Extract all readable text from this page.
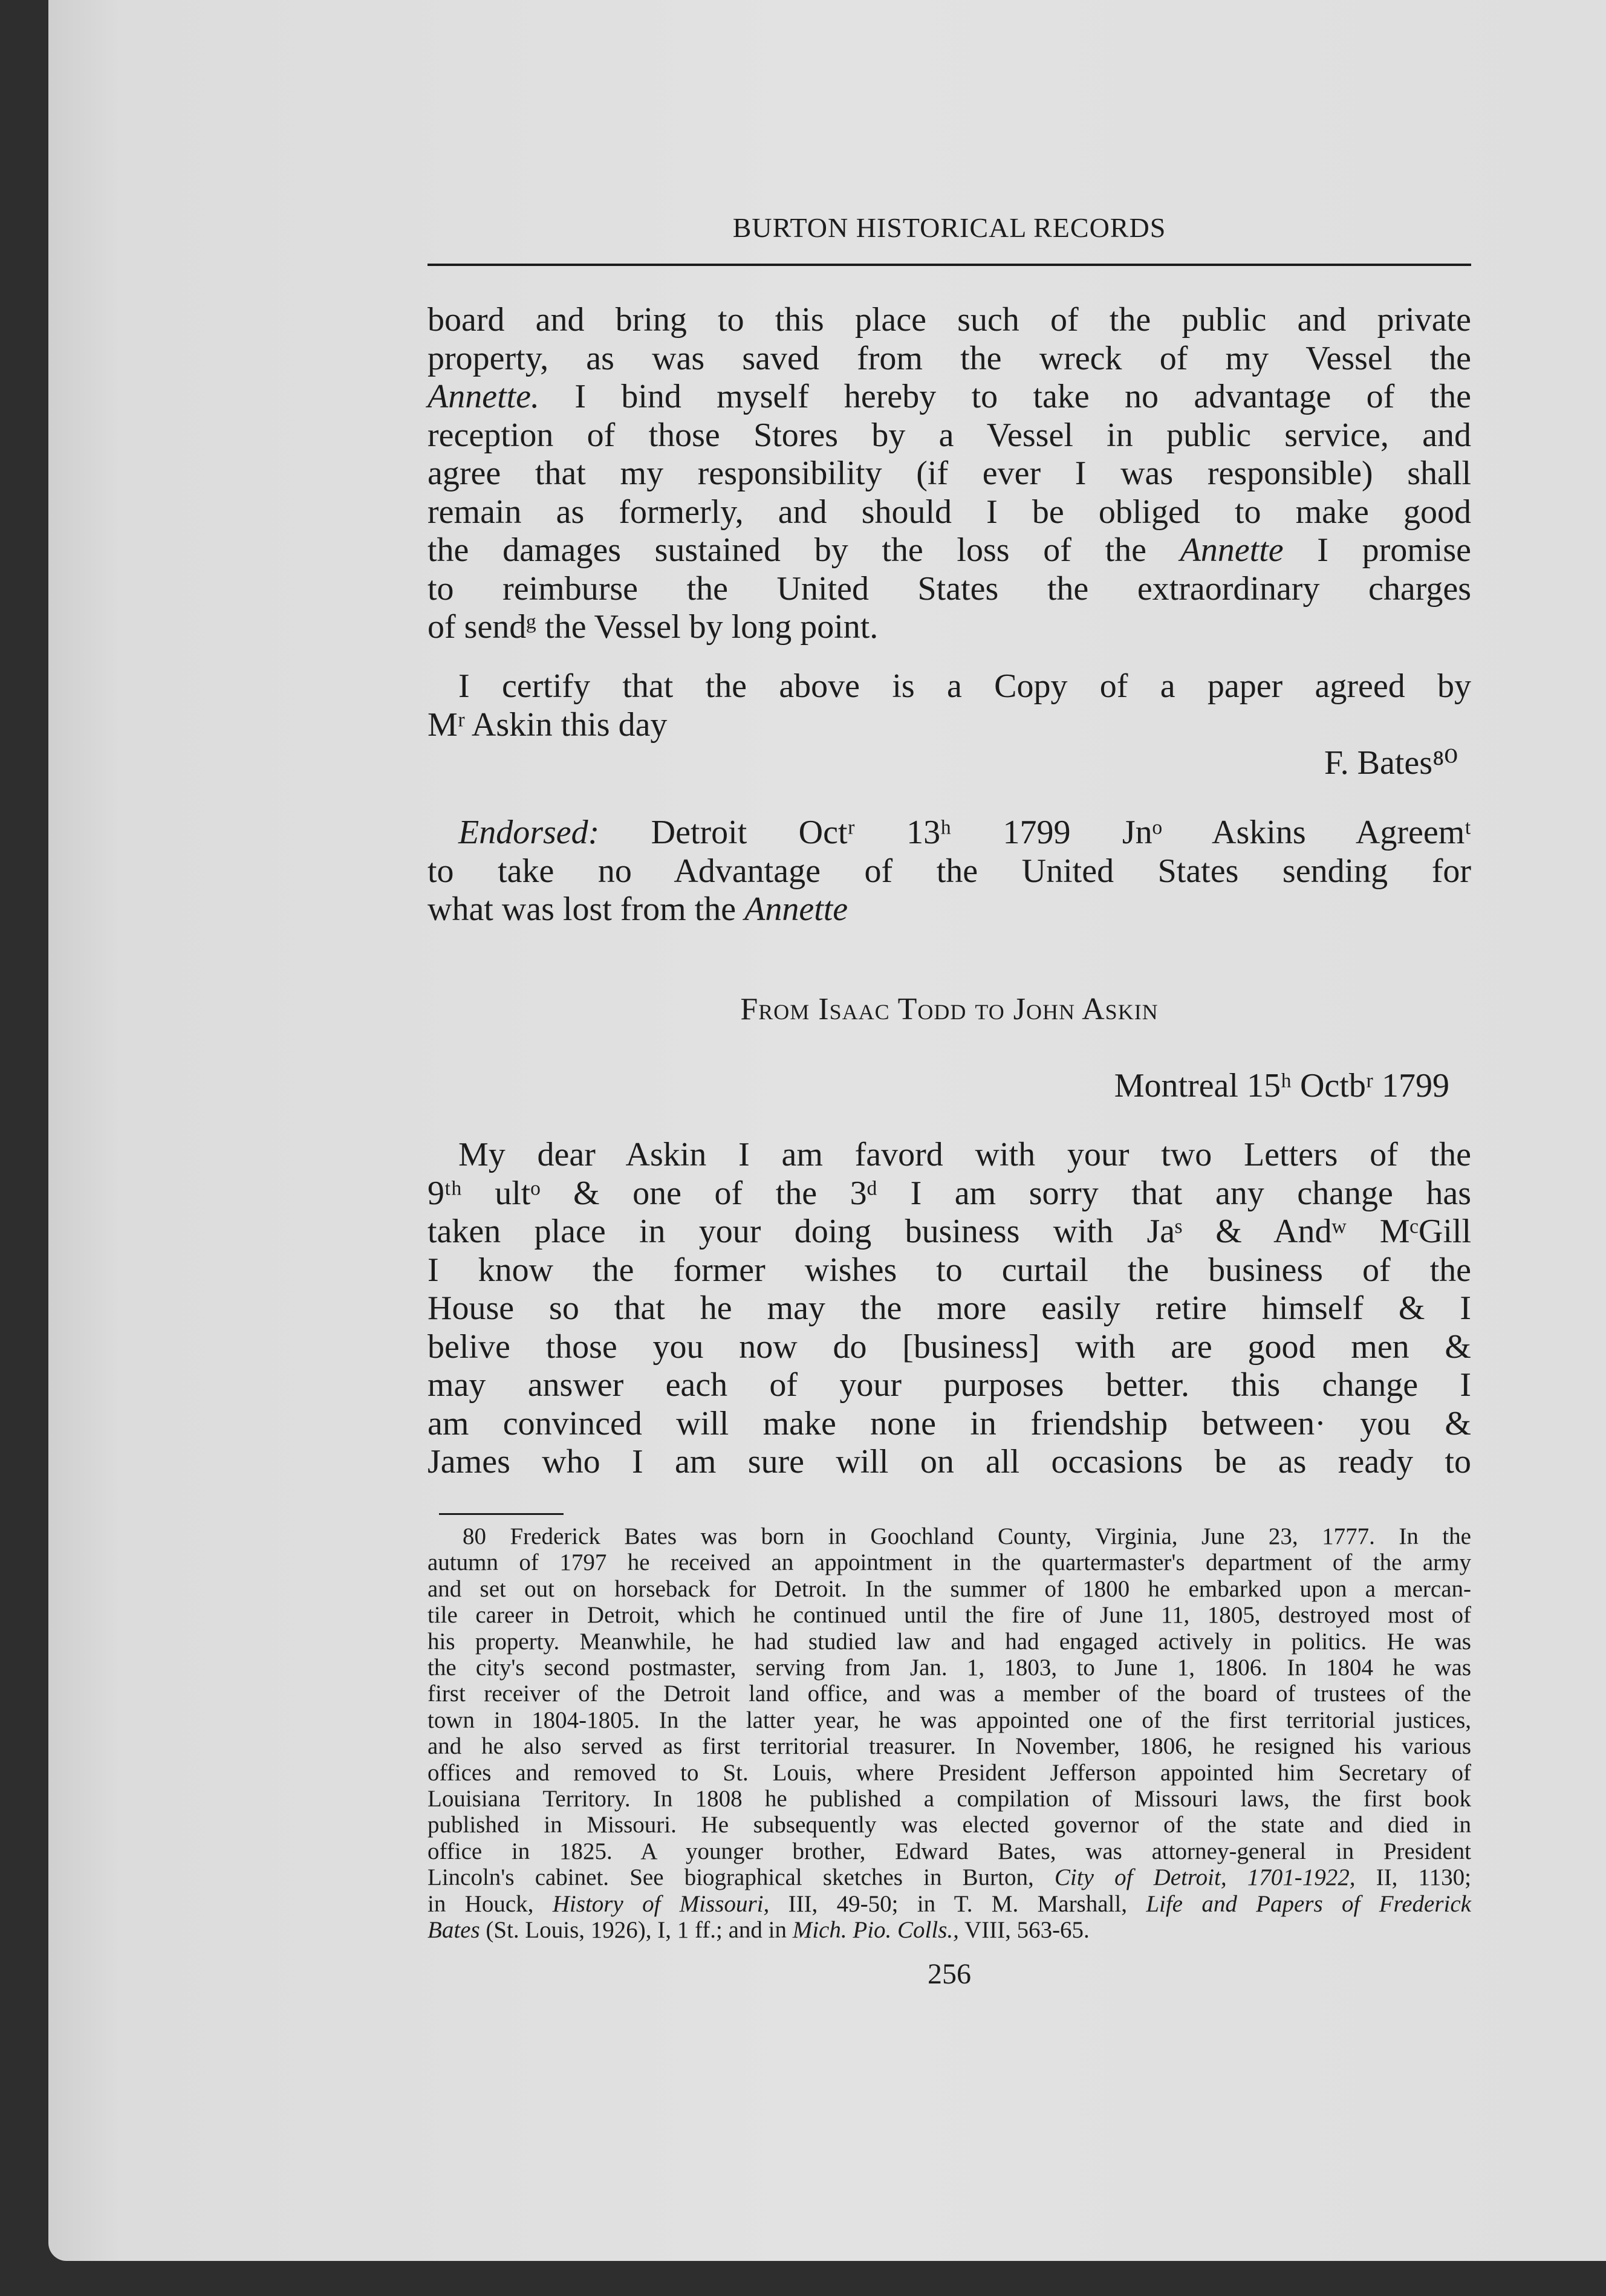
BURTON HISTORICAL RECORDS
board and bring to this place such of the public and private
property, as was saved from the wreck of my Vessel the
Annette. I bind myself hereby to take no advantage of the
reception of those Stores by a Vessel in public service, and
agree that my responsibility (if ever I was responsible) shall
remain as formerly, and should I be obliged to make good
the damages sustained by the loss of the Annette I promise
to reimburse the United States the extraordinary charges
of sendᵍ the Vessel by long point.
I certify that the above is a Copy of a paper agreed by
Mʳ Askin this day
F. Bates⁸⁰
Endorsed: Detroit Octʳ 13ʰ 1799 Jnᵒ Askins Agreemᵗ
to take no Advantage of the United States sending for
what was lost from the Annette
From Isaac Todd to John Askin
Montreal 15ʰ Octbʳ 1799
My dear Askin I am favord with your two Letters of the
9ᵗʰ ultᵒ & one of the 3ᵈ I am sorry that any change has
taken place in your doing business with Jaˢ & Andʷ MᶜGill
I know the former wishes to curtail the business of the
House so that he may the more easily retire himself & I
belive those you now do [business] with are good men &
may answer each of your purposes better. this change I
am convinced will make none in friendship between· you &
James who I am sure will on all occasions be as ready to
80 Frederick Bates was born in Goochland County, Virginia, June 23, 1777. In the
autumn of 1797 he received an appointment in the quartermaster's department of the army
and set out on horseback for Detroit. In the summer of 1800 he embarked upon a mercan-
tile career in Detroit, which he continued until the fire of June 11, 1805, destroyed most of
his property. Meanwhile, he had studied law and had engaged actively in politics. He was
the city's second postmaster, serving from Jan. 1, 1803, to June 1, 1806. In 1804 he was
first receiver of the Detroit land office, and was a member of the board of trustees of the
town in 1804-1805. In the latter year, he was appointed one of the first territorial justices,
and he also served as first territorial treasurer. In November, 1806, he resigned his various
offices and removed to St. Louis, where President Jefferson appointed him Secretary of
Louisiana Territory. In 1808 he published a compilation of Missouri laws, the first book
published in Missouri. He subsequently was elected governor of the state and died in
office in 1825. A younger brother, Edward Bates, was attorney-general in President
Lincoln's cabinet. See biographical sketches in Burton, City of Detroit, 1701-1922, II, 1130;
in Houck, History of Missouri, III, 49-50; in T. M. Marshall, Life and Papers of Frederick
Bates (St. Louis, 1926), I, 1 ff.; and in Mich. Pio. Colls., VIII, 563-65.
256
